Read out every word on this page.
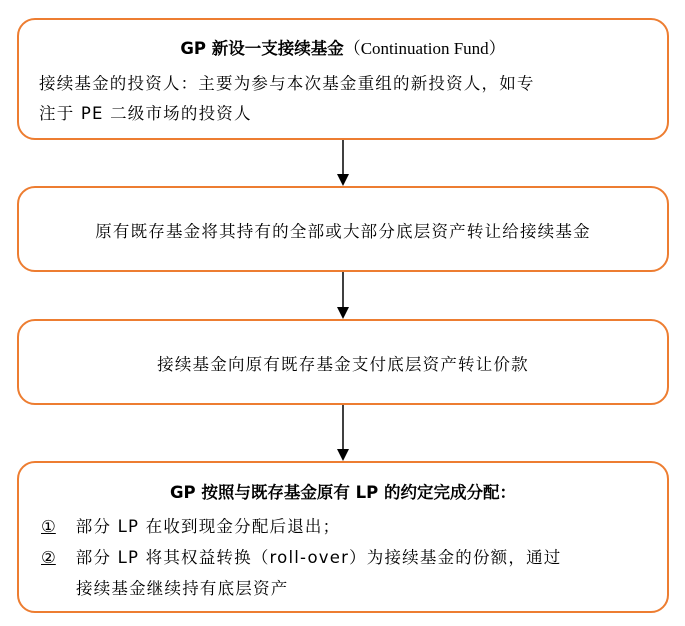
GP 新设一支接续基金（Continuation Fund）
接续基金的投资人：主要为参与本次基金重组的新投资人，如专
注于 PE 二级市场的投资人
原有既存基金将其持有的全部或大部分底层资产转让给接续基金
接续基金向原有既存基金支付底层资产转让价款
GP 按照与既存基金原有 LP 的约定完成分配：
① 部分 LP 在收到现金分配后退出；
② 部分 LP 将其权益转换（roll-over）为接续基金的份额，通过
接续基金继续持有底层资产
